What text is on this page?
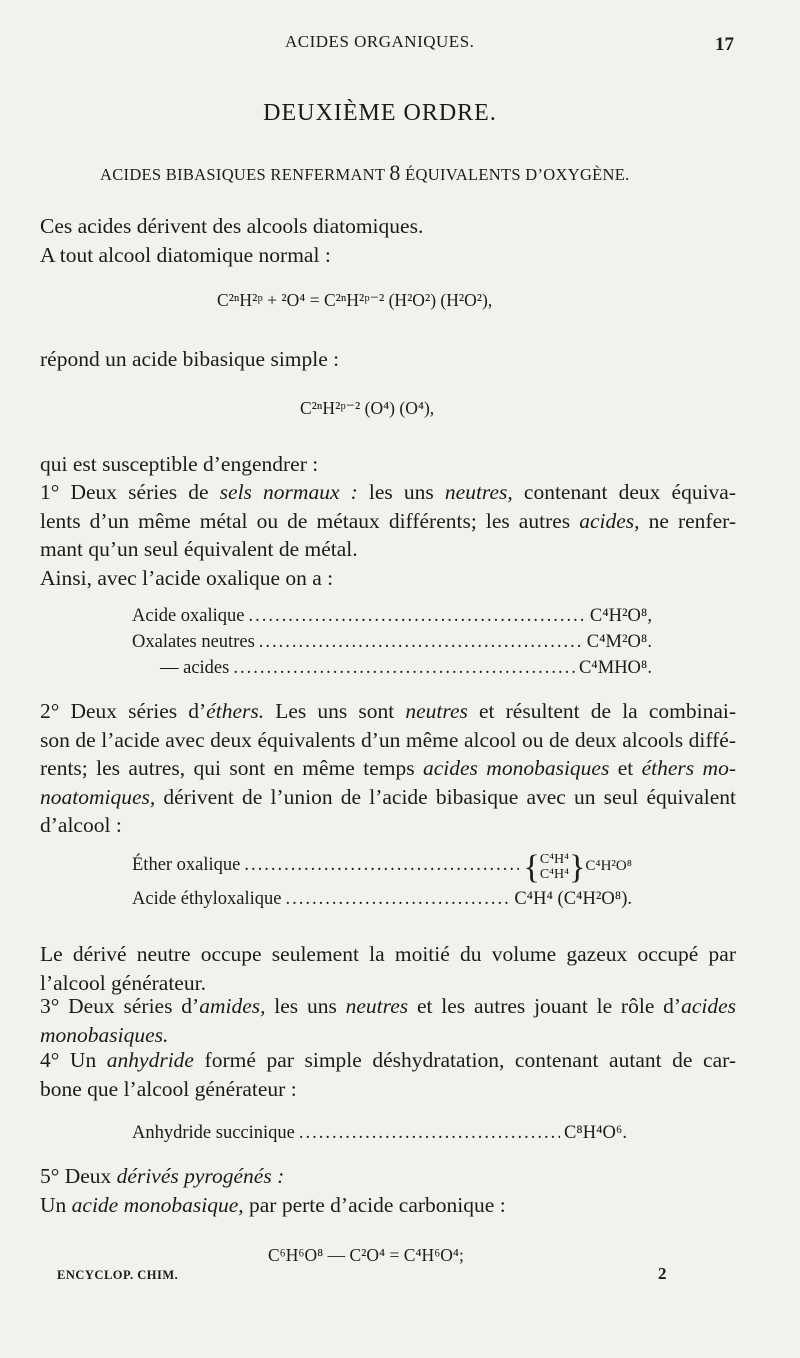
ACIDES ORGANIQUES.	17
DEUXIÈME ORDRE.
ACIDES BIBASIQUES RENFERMANT 8 ÉQUIVALENTS D’OXYGÈNE.
Ces acides dérivent des alcools diatomiques.
A tout alcool diatomique normal :
C²ⁿH²ᵖ + ²O⁴ = C²ⁿH²ᵖ⁻² (H²O²) (H²O²),
répond un acide bibasique simple :
C²ⁿH²ᵖ⁻² (O⁴) (O⁴),
qui est susceptible d’engendrer :
1° Deux séries de sels normaux : les uns neutres, contenant deux équiva-
lents d’un même métal ou de métaux différents; les autres acides, ne renfer-
mant qu’un seul équivalent de métal.
Ainsi, avec l’acide oxalique on a :
Acide oxalique .....	C⁴H²O⁸,
Oxalates neutres .....	C⁴M²O⁸.
— acides .....	C⁴MHO⁸.
2° Deux séries d’éthers. Les uns sont neutres et résultent de la combinai-
son de l’acide avec deux équivalents d’un même alcool ou de deux alcools diffé-
rents; les autres, qui sont en même temps acides monobasiques et éthers mo-
noatomiques, dérivent de l’union de l’acide bibasique avec un seul équivalent
d’alcool :
Éther oxalique .....	{C⁴H⁴
C⁴H⁴}C⁴H²O⁸
Acide éthyloxalique .....	C⁴H⁴ (C⁴H²O⁸).
Le dérivé neutre occupe seulement la moitié du volume gazeux occupé par
l’alcool générateur.
3° Deux séries d’amides, les uns neutres et les autres jouant le rôle d’acides
monobasiques.
4° Un anhydride formé par simple déshydratation, contenant autant de car-
bone que l’alcool générateur :
Anhydride succinique .....	C⁸H⁴O⁶.
5° Deux dérivés pyrogénés :
Un acide monobasique, par perte d’acide carbonique :
C⁶H⁶O⁸ — C²O⁴ = C⁴H⁶O⁴;
ENCYCLOP. CHIM.	2
